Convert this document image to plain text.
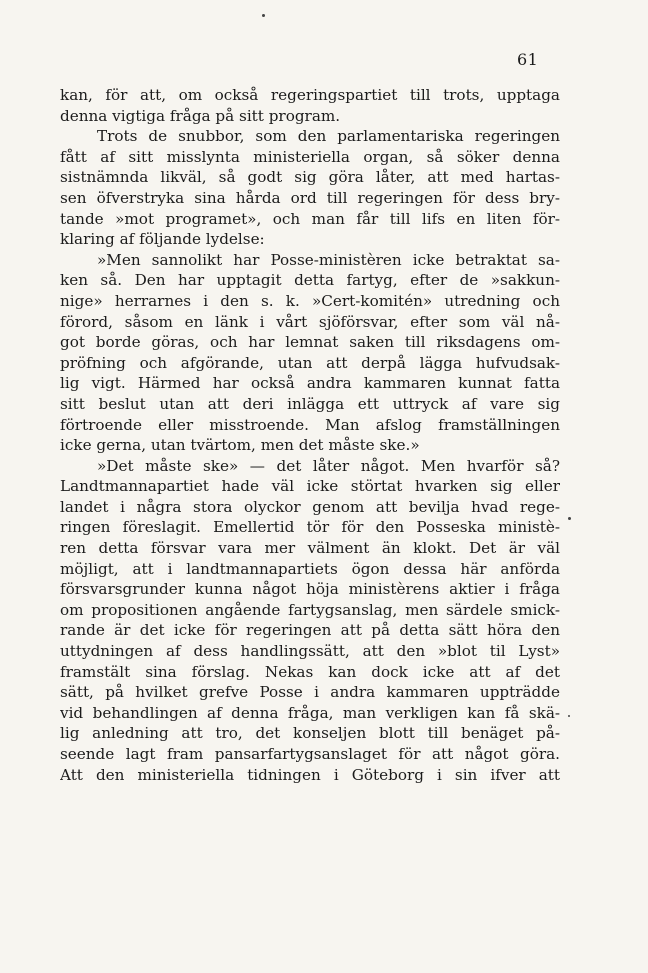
61
kan, för att, om också regeringspartiet till trots, upptaga
denna vigtiga fråga på sitt program.
Trots de snubbor, som den parlamentariska regeringen
fått af sitt misslynta ministeriella organ, så söker denna
sistnämnda likväl, så godt sig göra låter, att med hartas-
sen öfverstryka sina hårda ord till regeringen för dess bry-
tande »mot programet», och man får till lifs en liten för-
klaring af följande lydelse:
»Men sannolikt har Posse-ministèren icke betraktat sa-
ken så. Den har upptagit detta fartyg, efter de »sakkun-
nige» herrarnes i den s. k. »Cert-komitén» utredning och
förord, såsom en länk i vårt sjöförsvar, efter som väl nå-
got borde göras, och har lemnat saken till riksdagens om-
pröfning och afgörande, utan att derpå lägga hufvudsak-
lig vigt. Härmed har också andra kammaren kunnat fatta
sitt beslut utan att deri inlägga ett uttryck af vare sig
förtroende eller misstroende. Man afslog framställningen
icke gerna, utan tvärtom, men det måste ske.»
»Det måste ske» — det låter något. Men hvarför så?
Landtmannapartiet hade väl icke störtat hvarken sig eller
landet i några stora olyckor genom att bevilja hvad rege-
ringen föreslagit. Emellertid tör för den Posseska ministè-
ren detta försvar vara mer välment än klokt. Det är väl
möjligt, att i landtmannapartiets ögon dessa här anförda
försvarsgrunder kunna något höja ministèrens aktier i fråga
om propositionen angående fartygsanslag, men särdele smick-
rande är det icke för regeringen att på detta sätt höra den
uttydningen af dess handlingssätt, att den »blot til Lyst»
framstält sina förslag. Nekas kan dock icke att af det
sätt, på hvilket grefve Posse i andra kammaren uppträdde
vid behandlingen af denna fråga, man verkligen kan få skä-
lig anledning att tro, det konseljen blott till benäget på-
seende lagt fram pansarfartygsanslaget för att något göra.
Att den ministeriella tidningen i Göteborg i sin ifver att
